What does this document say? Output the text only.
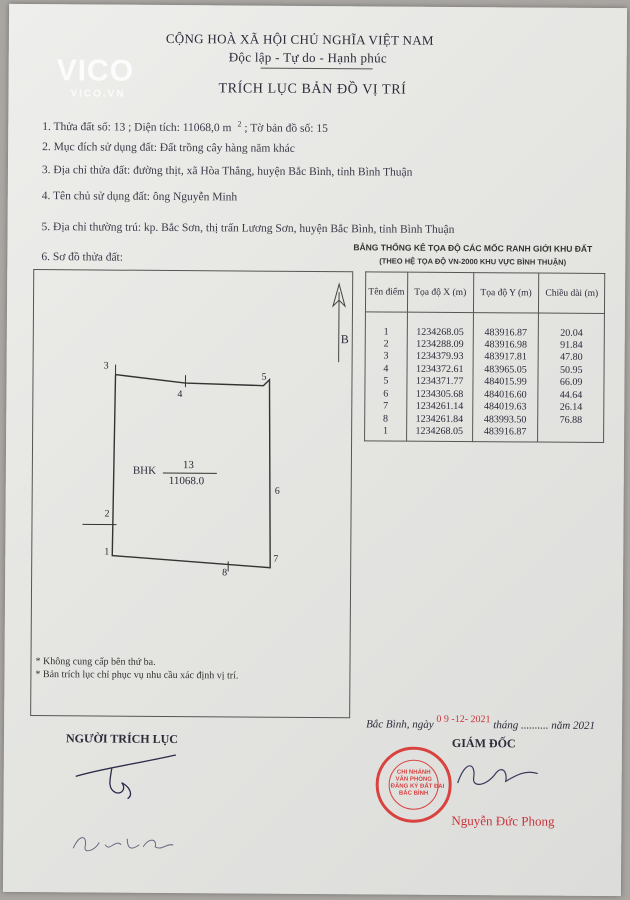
CỘNG HOÀ XÃ HỘI CHỦ NGHĨA VIỆT NAM
Độc lập - Tự do - Hạnh phúc
TRÍCH LỤC BẢN ĐỒ VỊ TRÍ
VICO
VICO.VN
1. Thửa đất số: 13 ; Diện tích: 11068,0 m $^2$ ; Tờ bản đồ số: 15
2. Mục đích sử dụng đất: Đất trồng cây hàng năm khác
3. Địa chỉ thửa đất: đường thịt, xã Hòa Thắng, huyện Bắc Bình, tỉnh Bình Thuận
4. Tên chủ sử dụng đất: ông Nguyễn Minh
5. Địa chỉ thường trú: kp. Bắc Sơn, thị trấn Lương Sơn, huyện Bắc Bình, tỉnh Bình Thuận
6. Sơ đồ thửa đất:
BẢNG THỐNG KÊ TỌA ĐỘ CÁC MỐC RANH GIỚI KHU ĐẤT
(THEO HỆ TỌA ĐỘ VN-2000 KHU VỰC BÌNH THUẬN)
B
BHK 13
11068.0
1
2
3
4
5
6
7
8
* Không cung cấp bên thứ ba.
* Bản trích lục chỉ phục vụ nhu cầu xác định vị trí.
Tên điểm	Tọa độ X (m)	Tọa độ Y (m)	Chiều dài (m)
1	1234268.05	483916.87	20.04
2	1234288.09	483916.98	91.84
3	1234379.93	483917.81	47.80
4	1234372.61	483965.05	50.95
5	1234371.77	484015.99	66.09
6	1234305.68	484016.60	44.64
7	1234261.14	484019.63	26.14
8	1234261.84	483993.50	76.88
1	1234268.05	483916.87	
Bắc Bình, ngày 0 9 -12- 2021 tháng .......... năm 2021
NGƯỜI TRÍCH LỤC	GIÁM ĐỐC
CHI NHÁNH
VĂN PHÒNG
ĐĂNG KÝ ĐẤT ĐAI
BẮC BÌNH
Nguyễn Đức Phong
